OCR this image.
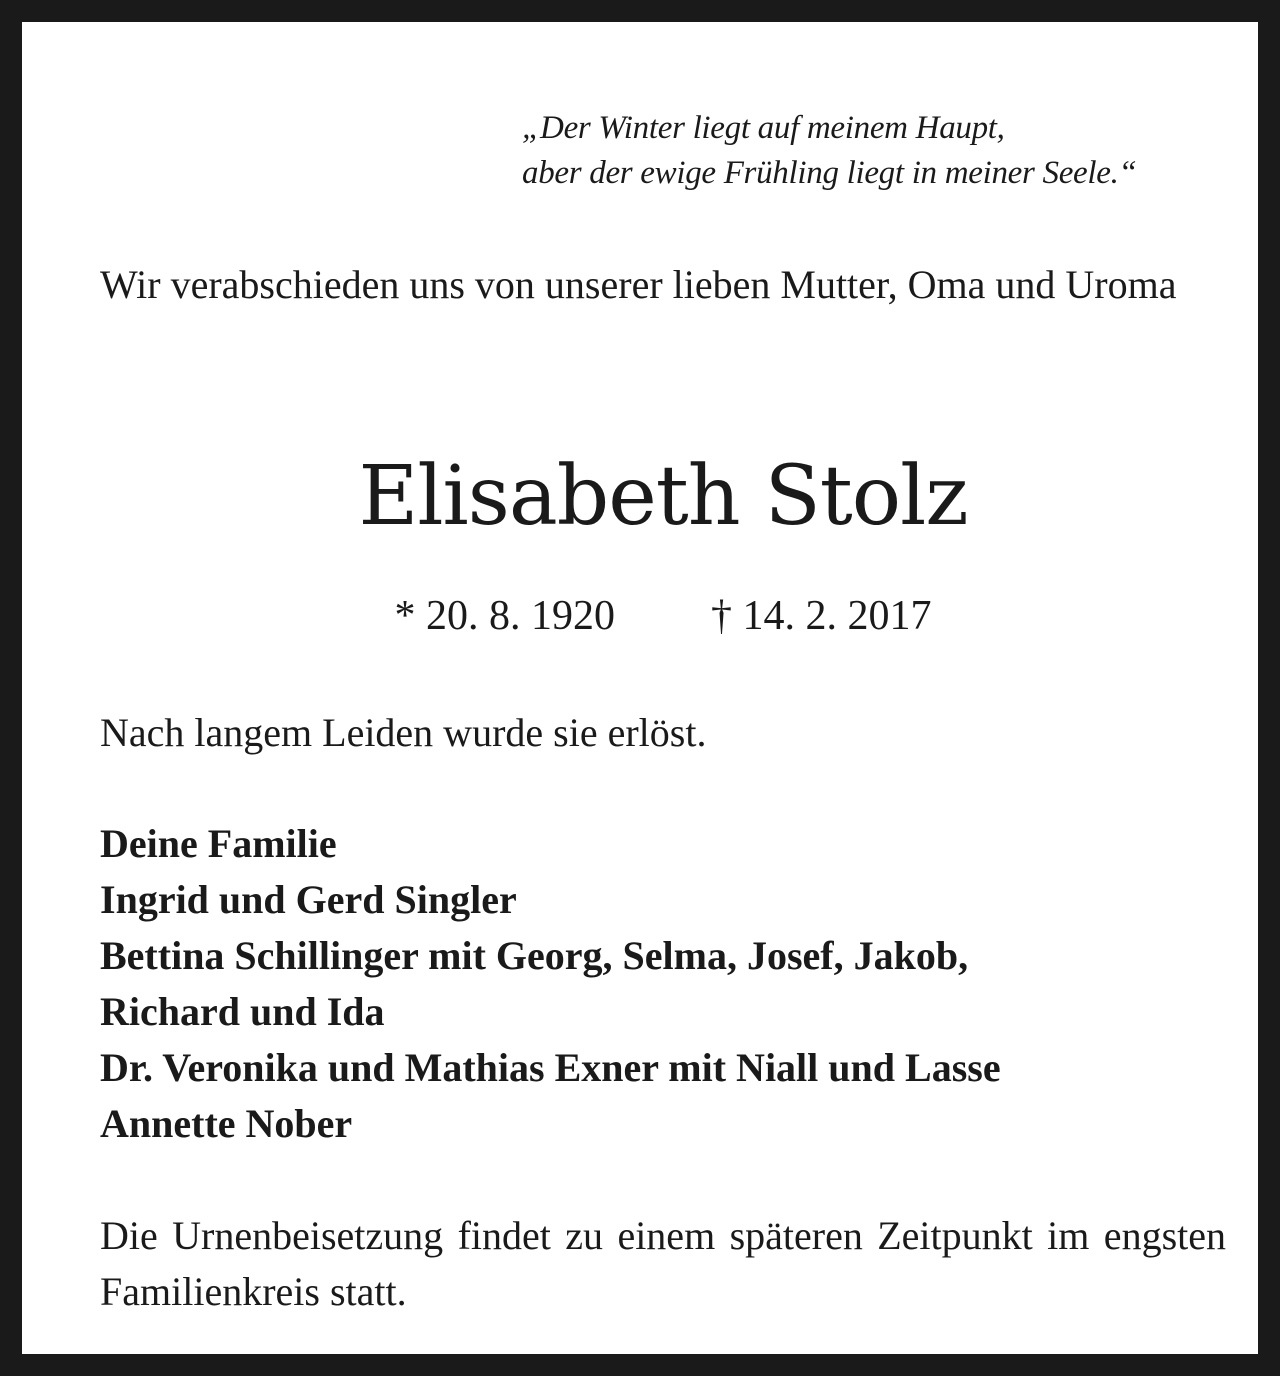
„Der Winter liegt auf meinem Haupt,
aber der ewige Frühling liegt in meiner Seele.“
Wir verabschieden uns von unserer lieben Mutter, Oma und Uroma
Elisabeth Stolz
* 20. 8. 1920 † 14. 2. 2017
Nach langem Leiden wurde sie erlöst.
Deine Familie
Ingrid und Gerd Singler
Bettina Schillinger mit Georg, Selma, Josef, Jakob,
Richard und Ida
Dr. Veronika und Mathias Exner mit Niall und Lasse
Annette Nober
Die Urnenbeisetzung findet zu einem späteren Zeitpunkt im engsten Familienkreis statt.
